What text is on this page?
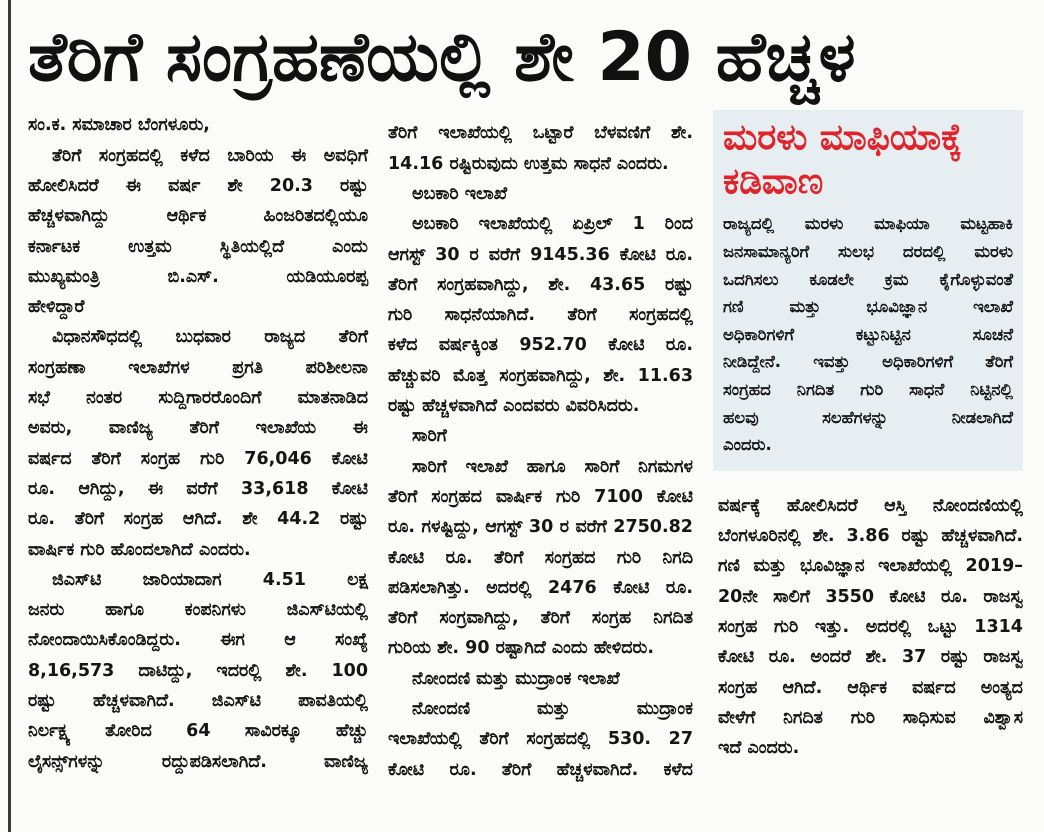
ತೆರಿಗೆ ಸಂಗ್ರಹಣೆಯಲ್ಲಿ ಶೇ 20 ಹೆಚ್ಚಳ
ಸಂ.ಕ. ಸಮಾಚಾರ ಬೆಂಗಳೂರು,
ತೆರಿಗೆ ಸಂಗ್ರಹದಲ್ಲಿ ಕಳೆದ ಬಾರಿಯ ಈ ಅವಧಿಗೆ
ಹೋಲಿಸಿದರೆ ಈ ವರ್ಷ ಶೇ 20.3 ರಷ್ಟು
ಹೆಚ್ಚಳವಾಗಿದ್ದು ಆರ್ಥಿಕ ಹಿಂಜರಿತದಲ್ಲಿಯೂ
ಕರ್ನಾಟಕ ಉತ್ತಮ ಸ್ಥಿತಿಯಲ್ಲಿದೆ ಎಂದು
ಮುಖ್ಯಮಂತ್ರಿ ಬಿ.ಎಸ್. ಯಡಿಯೂರಪ್ಪ
ಹೇಳಿದ್ದಾರೆ
ವಿಧಾನಸೌಧದಲ್ಲಿ ಬುಧವಾರ ರಾಜ್ಯದ ತೆರಿಗೆ
ಸಂಗ್ರಹಣಾ ಇಲಾಖೆಗಳ ಪ್ರಗತಿ ಪರಿಶೀಲನಾ
ಸಭೆ ನಂತರ ಸುದ್ದಿಗಾರರೊಂದಿಗೆ ಮಾತನಾಡಿದ
ಅವರು, ವಾಣಿಜ್ಯ ತೆರಿಗೆ ಇಲಾಖೆಯ ಈ
ವರ್ಷದ ತೆರಿಗೆ ಸಂಗ್ರಹ ಗುರಿ 76,046 ಕೋಟಿ
ರೂ. ಆಗಿದ್ದು, ಈ ವರೆಗೆ 33,618 ಕೋಟಿ
ರೂ. ತೆರಿಗೆ ಸಂಗ್ರಹ ಆಗಿದೆ. ಶೇ 44.2 ರಷ್ಟು
ವಾರ್ಷಿಕ ಗುರಿ ಹೊಂದಲಾಗಿದೆ ಎಂದರು.
ಜಿಎಸ್‌ಟಿ ಜಾರಿಯಾದಾಗ 4.51 ಲಕ್ಷ
ಜನರು ಹಾಗೂ ಕಂಪನಿಗಳು ಜಿಎಸ್‌ಟಿಯಲ್ಲಿ
ನೋಂದಾಯಿಸಿಕೊಂಡಿದ್ದರು. ಈಗ ಆ ಸಂಖ್ಯೆ
8,16,573 ದಾಟಿದ್ದು, ಇದರಲ್ಲಿ ಶೇ. 100
ರಷ್ಟು ಹೆಚ್ಚಳವಾಗಿದೆ. ಜಿಎಸ್‌ಟಿ ಪಾವತಿಯಲ್ಲಿ
ನಿರ್ಲಕ್ಷ್ಯ ತೋರಿದ 64 ಸಾವಿರಕ್ಕೂ ಹೆಚ್ಚು
ಲೈಸನ್ಸ್‌ಗಳನ್ನು ರದ್ದುಪಡಿಸಲಾಗಿದೆ. ವಾಣಿಜ್ಯ
ತೆರಿಗೆ ಇಲಾಖೆಯಲ್ಲಿ ಒಟ್ಟಾರೆ ಬೆಳವಣಿಗೆ ಶೇ.
14.16 ರಷ್ಟಿರುವುದು ಉತ್ತಮ ಸಾಧನೆ ಎಂದರು.
ಅಬಕಾರಿ ಇಲಾಖೆ
ಅಬಕಾರಿ ಇಲಾಖೆಯಲ್ಲಿ ಏಪ್ರಿಲ್ 1 ರಿಂದ
ಆಗಸ್ಟ್ 30 ರ ವರೆಗೆ 9145.36 ಕೋಟಿ ರೂ.
ತೆರಿಗೆ ಸಂಗ್ರಹವಾಗಿದ್ದು, ಶೇ. 43.65 ರಷ್ಟು
ಗುರಿ ಸಾಧನೆಯಾಗಿದೆ. ತೆರಿಗೆ ಸಂಗ್ರಹದಲ್ಲಿ
ಕಳೆದ ವರ್ಷಕ್ಕಿಂತ 952.70 ಕೋಟಿ ರೂ.
ಹೆಚ್ಚುವರಿ ಮೊತ್ತ ಸಂಗ್ರಹವಾಗಿದ್ದು, ಶೇ. 11.63
ರಷ್ಟು ಹೆಚ್ಚಳವಾಗಿದೆ ಎಂದವರು ವಿವರಿಸಿದರು.
ಸಾರಿಗೆ
ಸಾರಿಗೆ ಇಲಾಖೆ ಹಾಗೂ ಸಾರಿಗೆ ನಿಗಮಗಳ
ತೆರಿಗೆ ಸಂಗ್ರಹದ ವಾರ್ಷಿಕ ಗುರಿ 7100 ಕೋಟಿ
ರೂ. ಗಳಷ್ಟಿದ್ದು, ಆಗಸ್ಟ್ 30 ರ ವರೆಗೆ 2750.82
ಕೋಟಿ ರೂ. ತೆರಿಗೆ ಸಂಗ್ರಹದ ಗುರಿ ನಿಗದಿ
ಪಡಿಸಲಾಗಿತ್ತು. ಅದರಲ್ಲಿ 2476 ಕೋಟಿ ರೂ.
ತೆರಿಗೆ ಸಂಗ್ರವಾಗಿದ್ದು, ತೆರಿಗೆ ಸಂಗ್ರಹ ನಿಗದಿತ
ಗುರಿಯ ಶೇ. 90 ರಷ್ಟಾಗಿದೆ ಎಂದು ಹೇಳಿದರು.
ನೋಂದಣಿ ಮತ್ತು ಮುದ್ರಾಂಕ ಇಲಾಖೆ
ನೋಂದಣಿ ಮತ್ತು ಮುದ್ರಾಂಕ
ಇಲಾಖೆಯಲ್ಲಿ ತೆರಿಗೆ ಸಂಗ್ರಹದಲ್ಲಿ 530. 27
ಕೋಟಿ ರೂ. ತೆರಿಗೆ ಹೆಚ್ಚಳವಾಗಿದೆ. ಕಳೆದ
ಮರಳು ಮಾಫಿಯಾಕ್ಕೆ
ಕಡಿವಾಣ
ರಾಜ್ಯದಲ್ಲಿ ಮರಳು ಮಾಫಿಯಾ ಮಟ್ಟಹಾಕಿ
ಜನಸಾಮಾನ್ಯರಿಗೆ ಸುಲಭ ದರದಲ್ಲಿ ಮರಳು
ಒದಗಿಸಲು ಕೂಡಲೇ ಕ್ರಮ ಕೈಗೊಳ್ಳುವಂತೆ
ಗಣಿ ಮತ್ತು ಭೂವಿಜ್ಞಾನ ಇಲಾಖೆ
ಅಧಿಕಾರಿಗಳಿಗೆ ಕಟ್ಟುನಿಟ್ಟಿನ ಸೂಚನೆ
ನೀಡಿದ್ದೇನೆ. ಇವತ್ತು ಅಧಿಕಾರಿಗಳಿಗೆ ತೆರಿಗೆ
ಸಂಗ್ರಹದ ನಿಗದಿತ ಗುರಿ ಸಾಧನೆ ನಿಟ್ಟಿನಲ್ಲಿ
ಹಲವು ಸಲಹೆಗಳನ್ನು ನೀಡಲಾಗಿದೆ
ಎಂದರು.
ವರ್ಷಕ್ಕೆ ಹೋಲಿಸಿದರೆ ಆಸ್ತಿ ನೋಂದಣಿಯಲ್ಲಿ
ಬೆಂಗಳೂರಿನಲ್ಲಿ ಶೇ. 3.86 ರಷ್ಟು ಹೆಚ್ಚಳವಾಗಿದೆ.
ಗಣಿ ಮತ್ತು ಭೂವಿಜ್ಞಾನ ಇಲಾಖೆಯಲ್ಲಿ 2019–
20ನೇ ಸಾಲಿಗೆ 3550 ಕೋಟಿ ರೂ. ರಾಜಸ್ವ
ಸಂಗ್ರಹ ಗುರಿ ಇತ್ತು. ಅದರಲ್ಲಿ ಒಟ್ಟು 1314
ಕೋಟಿ ರೂ. ಅಂದರೆ ಶೇ. 37 ರಷ್ಟು ರಾಜಸ್ವ
ಸಂಗ್ರಹ ಆಗಿದೆ. ಆರ್ಥಿಕ ವರ್ಷದ ಅಂತ್ಯದ
ವೇಳೆಗೆ ನಿಗದಿತ ಗುರಿ ಸಾಧಿಸುವ ವಿಶ್ವಾಸ
ಇದೆ ಎಂದರು.
